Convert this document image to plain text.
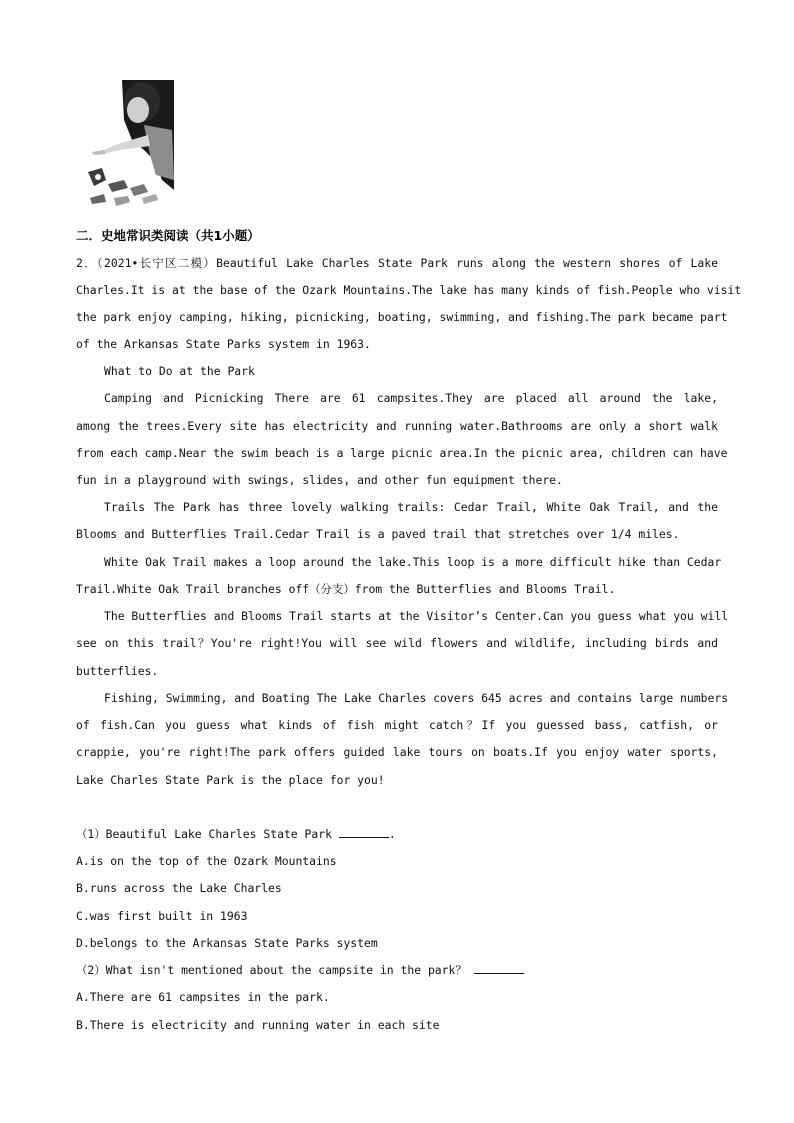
二．史地常识类阅读（共1小题）
2．（2021•长宁区二模）Beautiful Lake Charles State Park runs along the western shores of Lake
Charles.It is at the base of the Ozark Mountains.The lake has many kinds of fish.People who visit
the park enjoy camping, hiking, picnicking, boating, swimming, and fishing.The park became part
of the Arkansas State Parks system in 1963.
What to Do at the Park
Camping and Picnicking There are 61 campsites.They are placed all around the lake,
among the trees.Every site has electricity and running water.Bathrooms are only a short walk
from each camp.Near the swim beach is a large picnic area.In the picnic area, children can have
fun in a playground with swings, slides, and other fun equipment there.
Trails The Park has three lovely walking trails: Cedar Trail, White Oak Trail, and the
Blooms and Butterflies Trail.Cedar Trail is a paved trail that stretches over 1/4 miles.
White Oak Trail makes a loop around the lake.This loop is a more difficult hike than Cedar
Trail.White Oak Trail branches off（分支）from the Butterflies and Blooms Trail.
The Butterflies and Blooms Trail starts at the Visitor’s Center.Can you guess what you will
see on this trail？You're right!You will see wild flowers and wildlife, including birds and
butterflies.
Fishing, Swimming, and Boating The Lake Charles covers 645 acres and contains large numbers
of fish.Can you guess what kinds of fish might catch？If you guessed bass, catfish, or
crappie, you're right!The park offers guided lake tours on boats.If you enjoy water sports,
Lake Charles State Park is the place for you!
（1）Beautiful Lake Charles State Park	.
A.is on the top of the Ozark Mountains
B.runs across the Lake Charles
C.was first built in 1963
D.belongs to the Arkansas State Parks system
（2）What isn't mentioned about the campsite in the park？
A.There are 61 campsites in the park.
B.There is electricity and running water in each site
